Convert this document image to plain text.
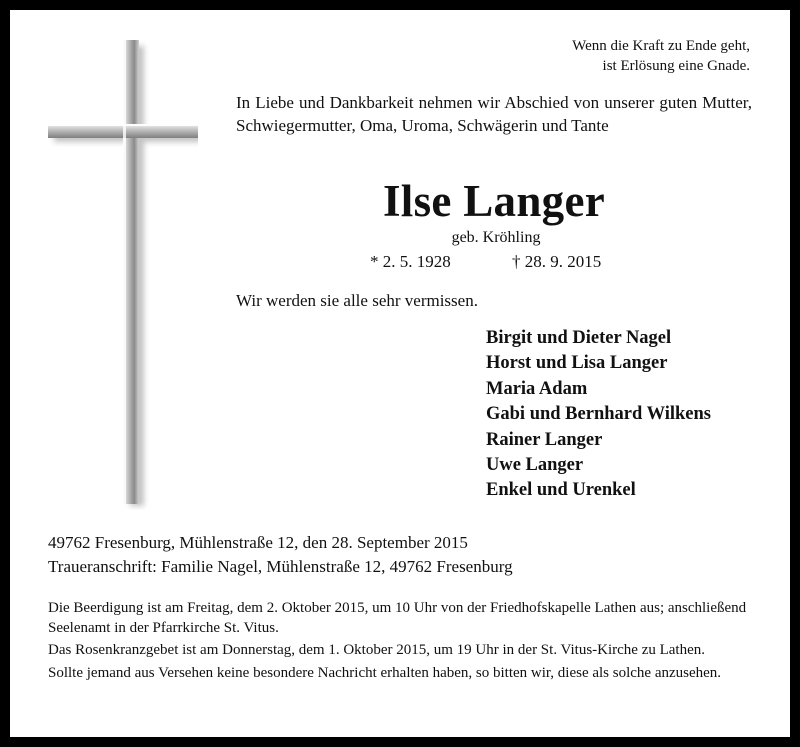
Wenn die Kraft zu Ende geht,
ist Erlösung eine Gnade.
In Liebe und Dankbarkeit nehmen wir Abschied von unserer guten Mutter, Schwiegermutter, Oma, Uroma, Schwägerin und Tante
Ilse Langer
geb. Kröhling
* 2. 5. 1928	† 28. 9. 2015
Wir werden sie alle sehr vermissen.
Birgit und Dieter Nagel
Horst und Lisa Langer
Maria Adam
Gabi und Bernhard Wilkens
Rainer Langer
Uwe Langer
Enkel und Urenkel
49762 Fresenburg, Mühlenstraße 12, den 28. September 2015
Traueranschrift: Familie Nagel, Mühlenstraße 12, 49762 Fresenburg

Die Beerdigung ist am Freitag, dem 2. Oktober 2015, um 10 Uhr von der Friedhofskapelle Lathen aus; anschließend Seelenamt in der Pfarrkirche St. Vitus.

Das Rosenkranzgebet ist am Donnerstag, dem 1. Oktober 2015, um 19 Uhr in der St. Vitus-Kirche zu Lathen.

Sollte jemand aus Versehen keine besondere Nachricht erhalten haben, so bitten wir, diese als solche anzusehen.
